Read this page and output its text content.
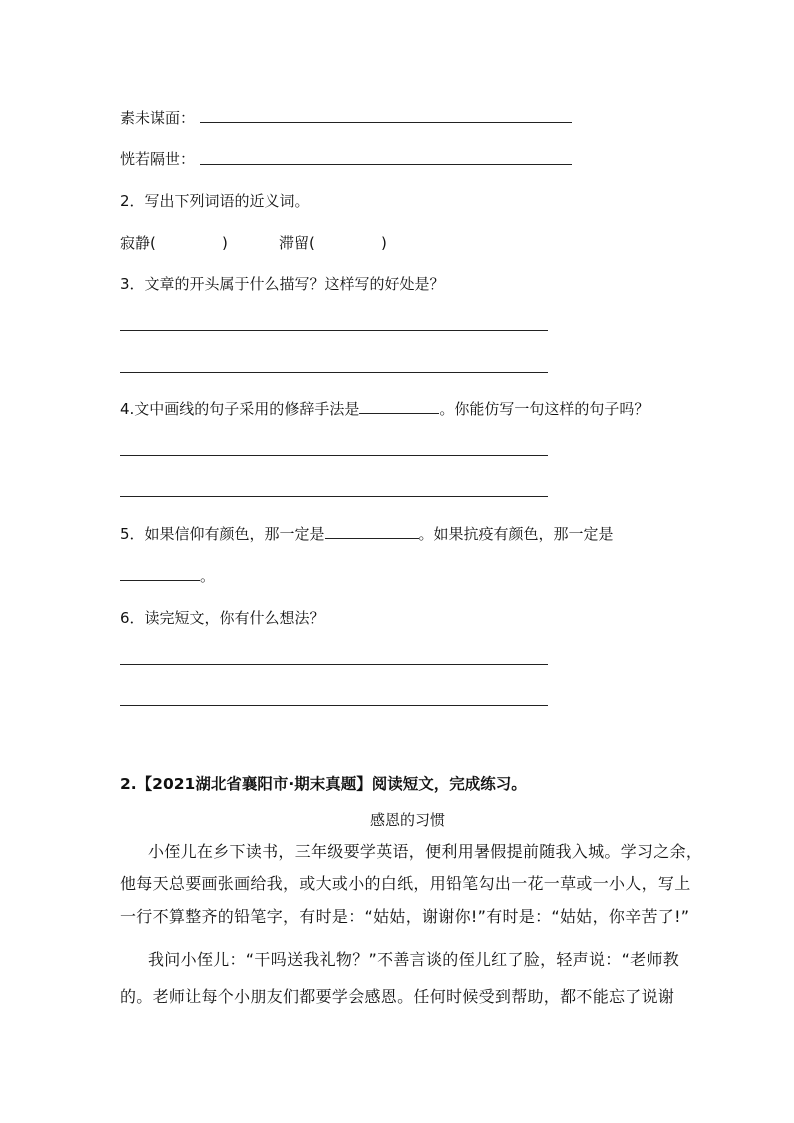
素未谋面：
恍若隔世：
2．写出下列词语的近义词。
寂静(	)	滞留(	)
3．文章的开头属于什么描写？这样写的好处是？
4.文中画线的句子采用的修辞手法是	。你能仿写一句这样的句子吗？
5．如果信仰有颜色，那一定是	。如果抗疫有颜色，那一定是
。
6．读完短文，你有什么想法？
2.【2021湖北省襄阳市·期末真题】阅读短文，完成练习。
感恩的习惯
小侄儿在乡下读书，三年级要学英语，便利用暑假提前随我入城。学习之余，
他每天总要画张画给我，或大或小的白纸，用铅笔勾出一花一草或一小人，写上
一行不算整齐的铅笔字，有时是：“姑姑，谢谢你!”有时是：“姑姑，你辛苦了!”
我问小侄儿：“干吗送我礼物？”不善言谈的侄儿红了脸，轻声说：“老师教
的。老师让每个小朋友们都要学会感恩。任何时候受到帮助，都不能忘了说谢
